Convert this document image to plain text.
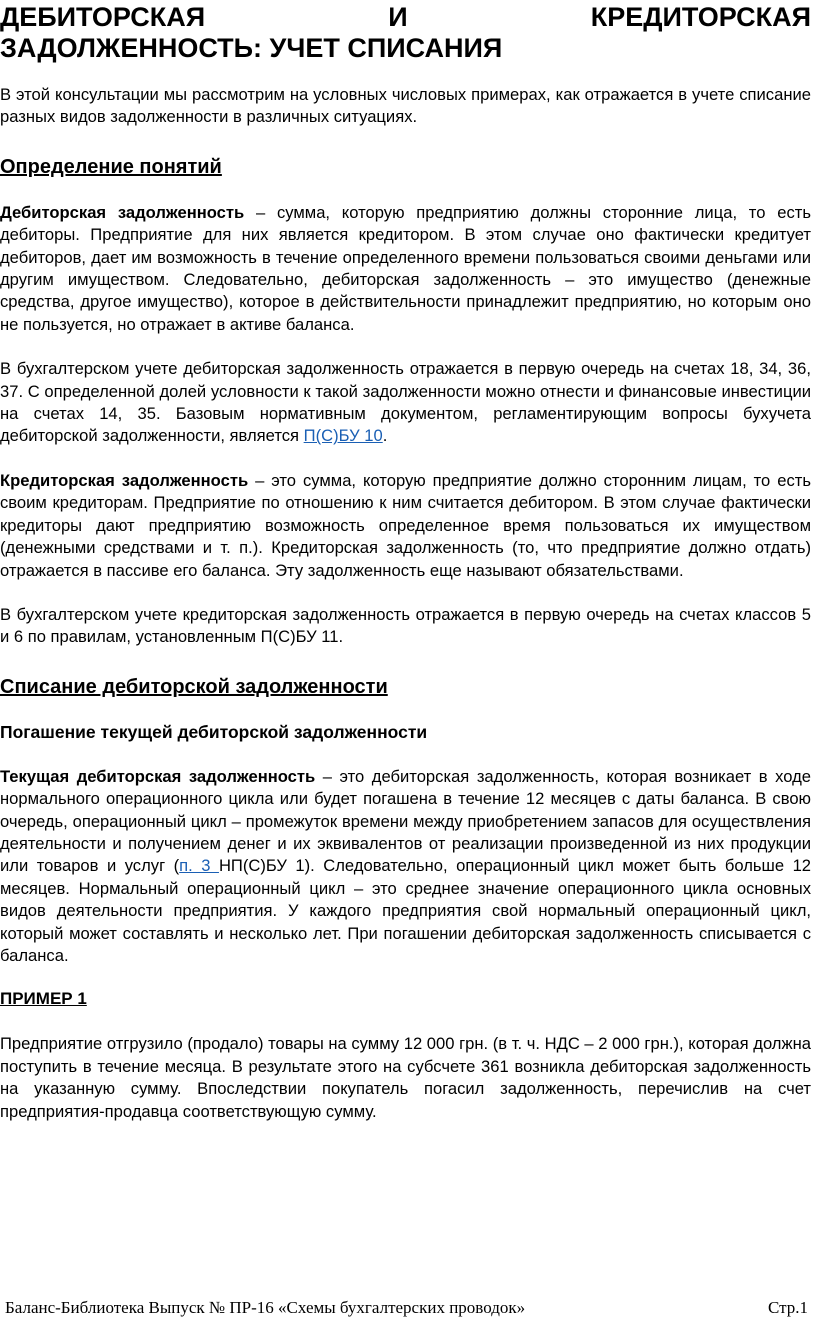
ДЕБИТОРСКАЯ	И	КРЕДИТОРСКАЯ
ЗАДОЛЖЕННОСТЬ: УЧЕТ СПИСАНИЯ

В этой консультации мы рассмотрим на условных числовых примерах, как отражается в учете списание разных видов задолженности в различных ситуациях.

Определение понятий

Дебиторская задолженность – сумма, которую предприятию должны сторонние лица, то есть дебиторы. Предприятие для них является кредитором. В этом случае оно фактически кредитует дебиторов, дает им возможность в течение определенного времени пользоваться своими деньгами или другим имуществом. Следовательно, дебиторская задолженность – это имущество (денежные средства, другое имущество), которое в действительности принадлежит предприятию, но которым оно не пользуется, но отражает в активе баланса.

В бухгалтерском учете дебиторская задолженность отражается в первую очередь на счетах 18, 34, 36, 37. С определенной долей условности к такой задолженности можно отнести и финансовые инвестиции на счетах 14, 35. Базовым нормативным документом, регламентирующим вопросы бухучета дебиторской задолженности, является П(С)БУ 10.

Кредиторская задолженность – это сумма, которую предприятие должно сторонним лицам, то есть своим кредиторам. Предприятие по отношению к ним считается дебитором. В этом случае фактически кредиторы дают предприятию возможность определенное время пользоваться их имуществом (денежными средствами и т. п.). Кредиторская задолженность (то, что предприятие должно отдать) отражается в пассиве его баланса. Эту задолженность еще называют обязательствами.

В бухгалтерском учете кредиторская задолженность отражается в первую очередь на счетах классов 5 и 6 по правилам, установленным П(С)БУ 11.

Списание дебиторской задолженности
Погашение текущей дебиторской задолженности

Текущая дебиторская задолженность – это дебиторская задолженность, которая возникает в ходе нормального операционного цикла или будет погашена в течение 12 месяцев с даты баланса. В свою очередь, операционный цикл – промежуток времени между приобретением запасов для осуществления деятельности и получением денег и их эквивалентов от реализации произведенной из них продукции или товаров и услуг (п. 3 НП(С)БУ 1). Следовательно, операционный цикл может быть больше 12 месяцев. Нормальный операционный цикл – это среднее значение операционного цикла основных видов деятельности предприятия. У каждого предприятия свой нормальный операционный цикл, который может составлять и несколько лет. При погашении дебиторская задолженность списывается с баланса.

ПРИМЕР 1

Предприятие отгрузило (продало) товары на сумму 12 000 грн. (в т. ч. НДС – 2 000 грн.), которая должна поступить в течение месяца. В результате этого на субсчете 361 возникла дебиторская задолженность на указанную сумму. Впоследствии покупатель погасил задолженность, перечислив на счет предприятия-продавца соответствующую сумму.

Баланс-Библиотека Выпуск № ПР-16 «Схемы бухгалтерских проводок»	Стр.1
